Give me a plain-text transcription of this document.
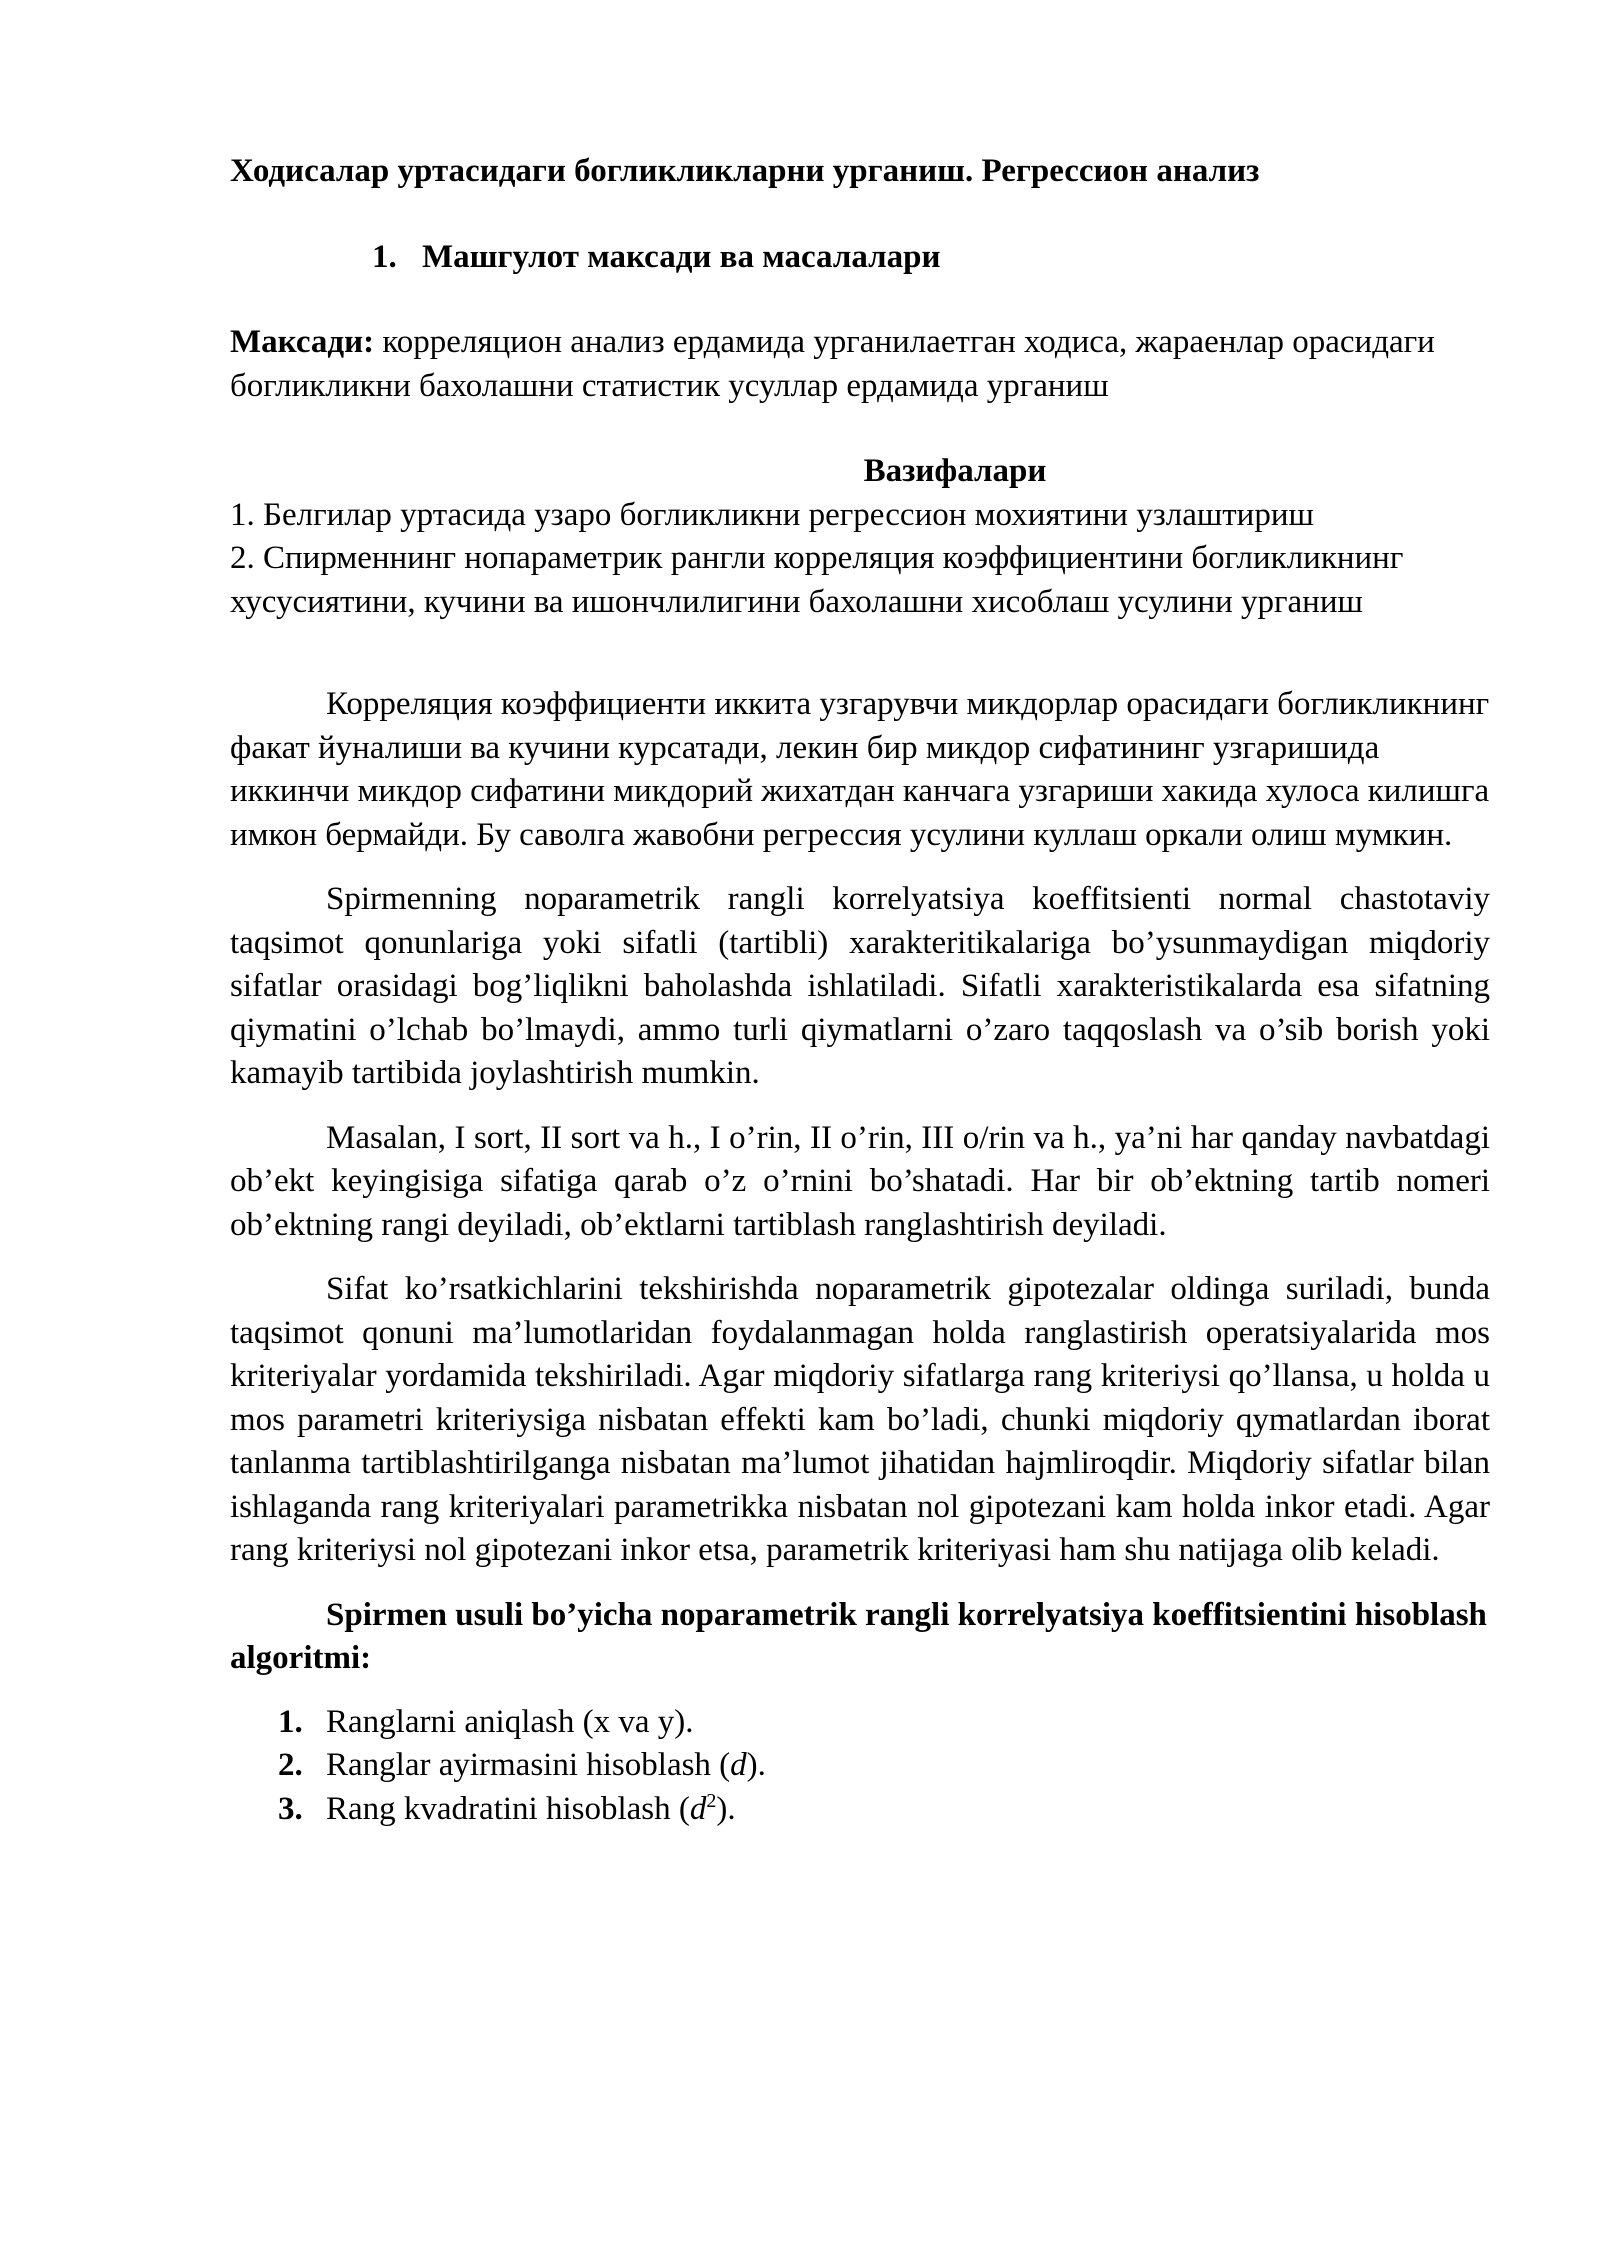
Ходисалар уртасидаги богликликларни урганиш. Регрессион анализ

1. Машгулот максади ва масалалари

Максади: корреляцион анализ ердамида урганилаетган ходиса, жараенлар орасидаги богликликни бахолашни статистик усуллар ердамида урганиш

Вазифалари

1. Белгилар уртасида узаро богликликни регрессион мохиятини узлаштириш

2. Спирменнинг нопараметрик рангли корреляция коэффициентини богликликнинг хусусиятини, кучини ва ишончлилигини бахолашни хисоблаш усулини урганиш

Корреляция коэффициенти иккита узгарувчи микдорлар орасидаги богликликнинг факат йуналиши ва кучини курсатади, лекин бир микдор сифатининг узгаришида иккинчи микдор сифатини микдорий жихатдан канчага узгариши хакида хулоса килишга имкон бермайди. Бу саволга жавобни регрессия усулини куллаш оркали олиш мумкин.

Spirmenning noparametrik rangli korrelyatsiya koeffitsienti normal chastotaviy taqsimot qonunlariga yoki sifatli (tartibli) xarakteritikalariga bo’ysunmaydigan miqdoriy sifatlar orasidagi bog’liqlikni baholashda ishlatiladi. Sifatli xarakteristikalarda esa sifatning qiymatini o’lchab bo’lmaydi, ammo turli qiymatlarni o’zaro taqqoslash va o’sib borish yoki kamayib tartibida joylashtirish mumkin.

Masalan, I sort, II sort va h., I o’rin, II o’rin, III o/rin va h., ya’ni har qanday navbatdagi ob’ekt keyingisiga sifatiga qarab o’z o’rnini bo’shatadi. Har bir ob’ektning tartib nomeri ob’ektning rangi deyiladi, ob’ektlarni tartiblash ranglashtirish deyiladi.

Sifat ko’rsatkichlarini tekshirishda noparametrik gipotezalar oldinga suriladi, bunda taqsimot qonuni ma’lumotlaridan foydalanmagan holda ranglastirish operatsiyalarida mos kriteriyalar yordamida tekshiriladi. Agar miqdoriy sifatlarga rang kriteriysi qo’llansa, u holda u mos parametri kriteriysiga nisbatan effekti kam bo’ladi, chunki miqdoriy qymatlardan iborat tanlanma tartiblashtirilganga nisbatan ma’lumot jihatidan hajmliroqdir. Miqdoriy sifatlar bilan ishlaganda rang kriteriyalari parametrikka nisbatan nol gipotezani kam holda inkor etadi. Agar rang kriteriysi nol gipotezani inkor etsa, parametrik kriteriyasi ham shu natijaga olib keladi.

Spirmen usuli bo’yicha noparametrik rangli korrelyatsiya koeffitsientini hisoblash algoritmi:

1. Ranglarni aniqlash (x va y).
2. Ranglar ayirmasini hisoblash (d).
3. Rang kvadratini hisoblash $(d^2)$.
